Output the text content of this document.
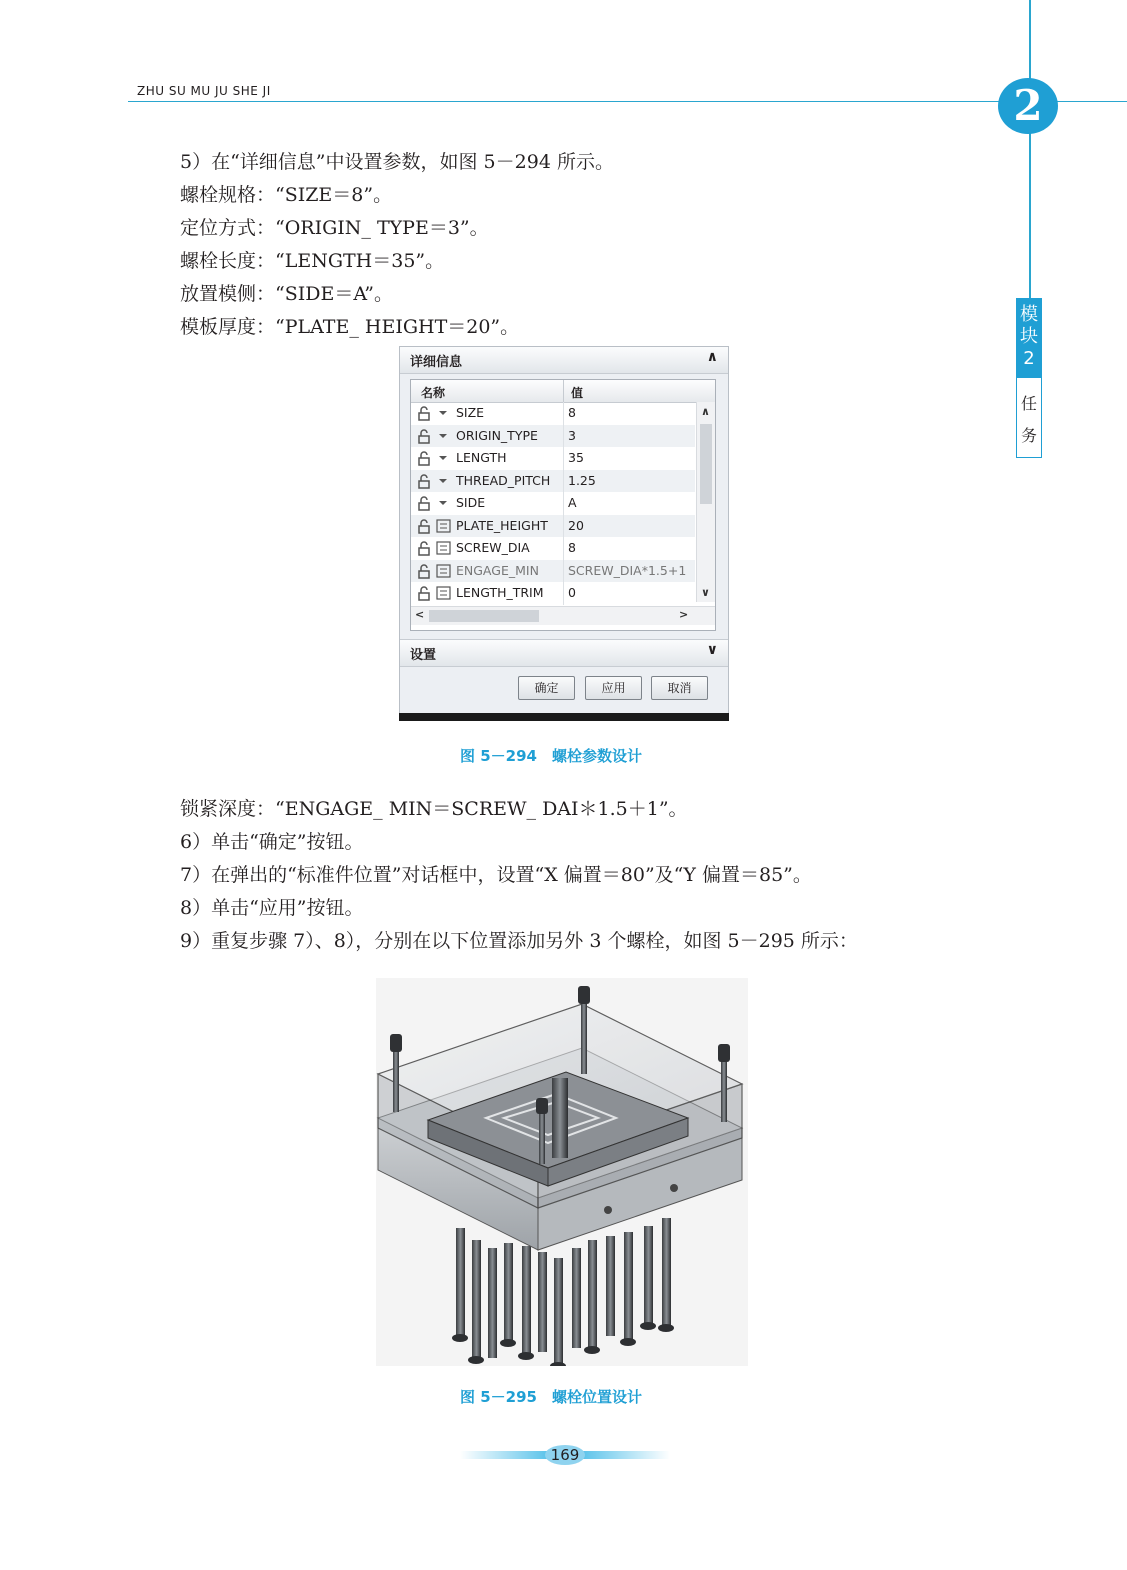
ZHU SU MU JU SHE JI	2
模块2
任
务
5）在“详细信息”中设置参数，如图 5－294 所示。
螺栓规格：“SIZE＝8”。
定位方式：“ORIGIN_ TYPE＝3”。
螺栓长度：“LENGTH＝35”。
放置模侧：“SIDE＝A”。
模板厚度：“PLATE_ HEIGHT＝20”。
详细信息	∧
名称	值
SIZE	8
ORIGIN_TYPE 3
LENGTH	35
THREAD_PITCH 1.25
SIDE	A
PLATE_HEIGHT 20
SCREW_DIA	8
ENGAGE_MIN SCREW_DIA*1.5+1
LENGTH_TRIM 0
∧
∨
<	>
设置	∨
确定	应用	取消
图 5－294　螺栓参数设计
锁紧深度：“ENGAGE_ MIN＝SCREW_ DAI＊1.5＋1”。
6）单击“确定”按钮。
7）在弹出的“标准件位置”对话框中，设置“X 偏置＝80”及“Y 偏置＝85”。
8）单击“应用”按钮。
9）重复步骤 7）、8），分别在以下位置添加另外 3 个螺栓，如图 5－295 所示：
图 5－295　螺栓位置设计
169
